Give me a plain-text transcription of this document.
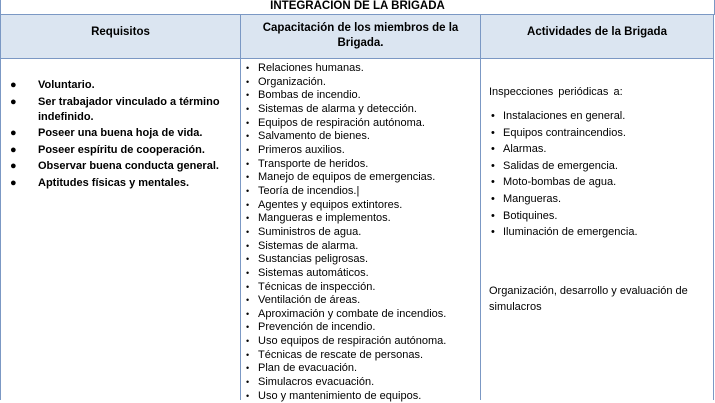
INTEGRACIÓN DE LA BRIGADA
Requisitos	Capacitación de los miembros de la
Brigada.
Actividades de la Brigada
● Voluntario.
● Ser trabajador vinculado a término
indefinido.
● Poseer una buena hoja de vida.
● Poseer espíritu de cooperación.
● Observar buena conducta general.
● Aptitudes físicas y mentales.
• Relaciones humanas.
• Organización.
• Bombas de incendio.
• Sistemas de alarma y detección.
• Equipos de respiración autónoma.
• Salvamento de bienes.
• Primeros auxilios.
• Transporte de heridos.
• Manejo de equipos de emergencias.
• Teoría de incendios.|
• Agentes y equipos extintores.
• Mangueras e implementos.
• Suministros de agua.
• Sistemas de alarma.
• Sustancias peligrosas.
• Sistemas automáticos.
• Técnicas de inspección.
• Ventilación de áreas.
• Aproximación y combate de incendios.
• Prevención de incendio.
• Uso equipos de respiración autónoma.
• Técnicas de rescate de personas.
• Plan de evacuación.
• Simulacros evacuación.
• Uso y mantenimiento de equipos.
Inspecciones periódicas a:
• Instalaciones en general.
• Equipos contraincendios.
• Alarmas.
• Salidas de emergencia.
• Moto-bombas de agua.
• Mangueras.
• Botiquines.
• Iluminación de emergencia.
Organización, desarrollo y evaluación de simulacros
